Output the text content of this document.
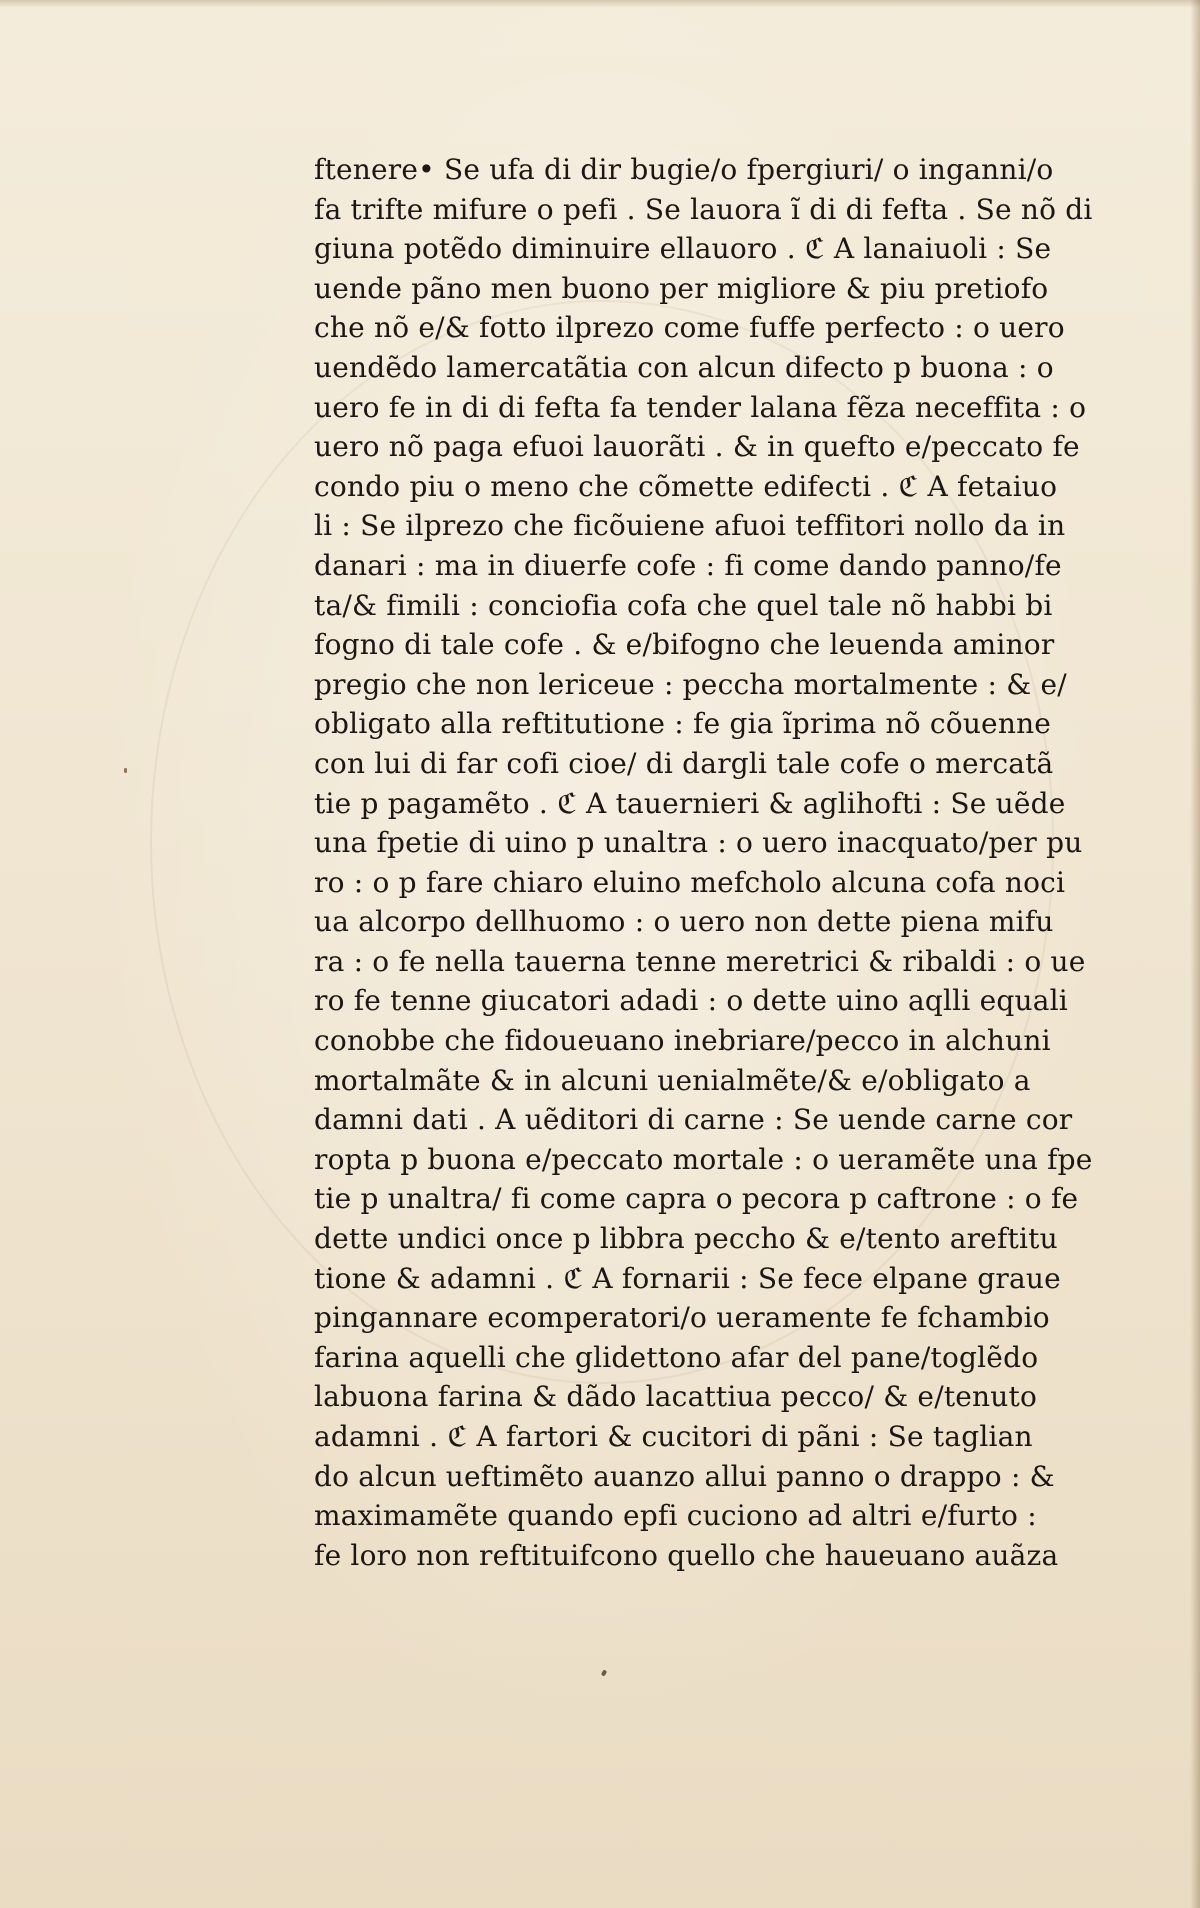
ftenere• Se ufa di dir bugie/o fpergiuri/ o inganni/o
fa trifte mifure o pefi . Se lauora ĩ di di fefta . Se nõ di
giuna potẽdo diminuire ellauoro . ℭ A lanaiuoli : Se
uende pãno men buono per migliore & piu pretiofo
che nõ e/& fotto ilprezo come fuffe perfecto : o uero
uendẽdo lamercatãtia con alcun difecto p buona : o
uero fe in di di fefta fa tender lalana fẽza neceffita : o
uero nõ paga efuoi lauorãti . & in quefto e/peccato fe
condo piu o meno che cõmette edifecti . ℭ A fetaiuo
li : Se ilprezo che ficõuiene afuoi teffitori nollo da in
danari : ma in diuerfe cofe : fi come dando panno/fe
ta/& fimili : conciofia cofa che quel tale nõ habbi bi
fogno di tale cofe . & e/bifogno che leuenda aminor
pregio che non lericeue : peccha mortalmente : & e/
obligato alla reftitutione : fe gia ĩprima nõ cõuenne
con lui di far cofi cioe/ di dargli tale cofe o mercatã
tie p pagamẽto . ℭ A tauernieri & aglihofti : Se uẽde
una fpetie di uino p unaltra : o uero inacquato/per pu
ro : o p fare chiaro eluino mefcholo alcuna cofa noci
ua alcorpo dellhuomo : o uero non dette piena mifu
ra : o fe nella tauerna tenne meretrici & ribaldi : o ue
ro fe tenne giucatori adadi : o dette uino aqlli equali
conobbe che fidoueuano inebriare/pecco in alchuni
mortalmãte & in alcuni uenialmẽte/& e/obligato a
damni dati . A uẽditori di carne : Se uende carne cor
ropta p buona e/peccato mortale : o ueramẽte una fpe
tie p unaltra/ fi come capra o pecora p caftrone : o fe
dette undici once p libbra pecchо & e/tento areftitu
tione & adamni . ℭ A fornarii : Se fece elpane graue
pingannare ecomperatori/o ueramente fe fchambio
farina aquelli che glidettono afar del pane/toglẽdo
labuona farina & dãdo lacattiua pecco/ & e/tenuto
adamni . ℭ A fartori & cucitori di pãni : Se taglian
do alcun ueftimẽto auanzo allui panno o drappo : &
maximamẽte quando epfi cuciono ad altri e/furto :
fe loro non reftituifcono quello che haueuano auãza
